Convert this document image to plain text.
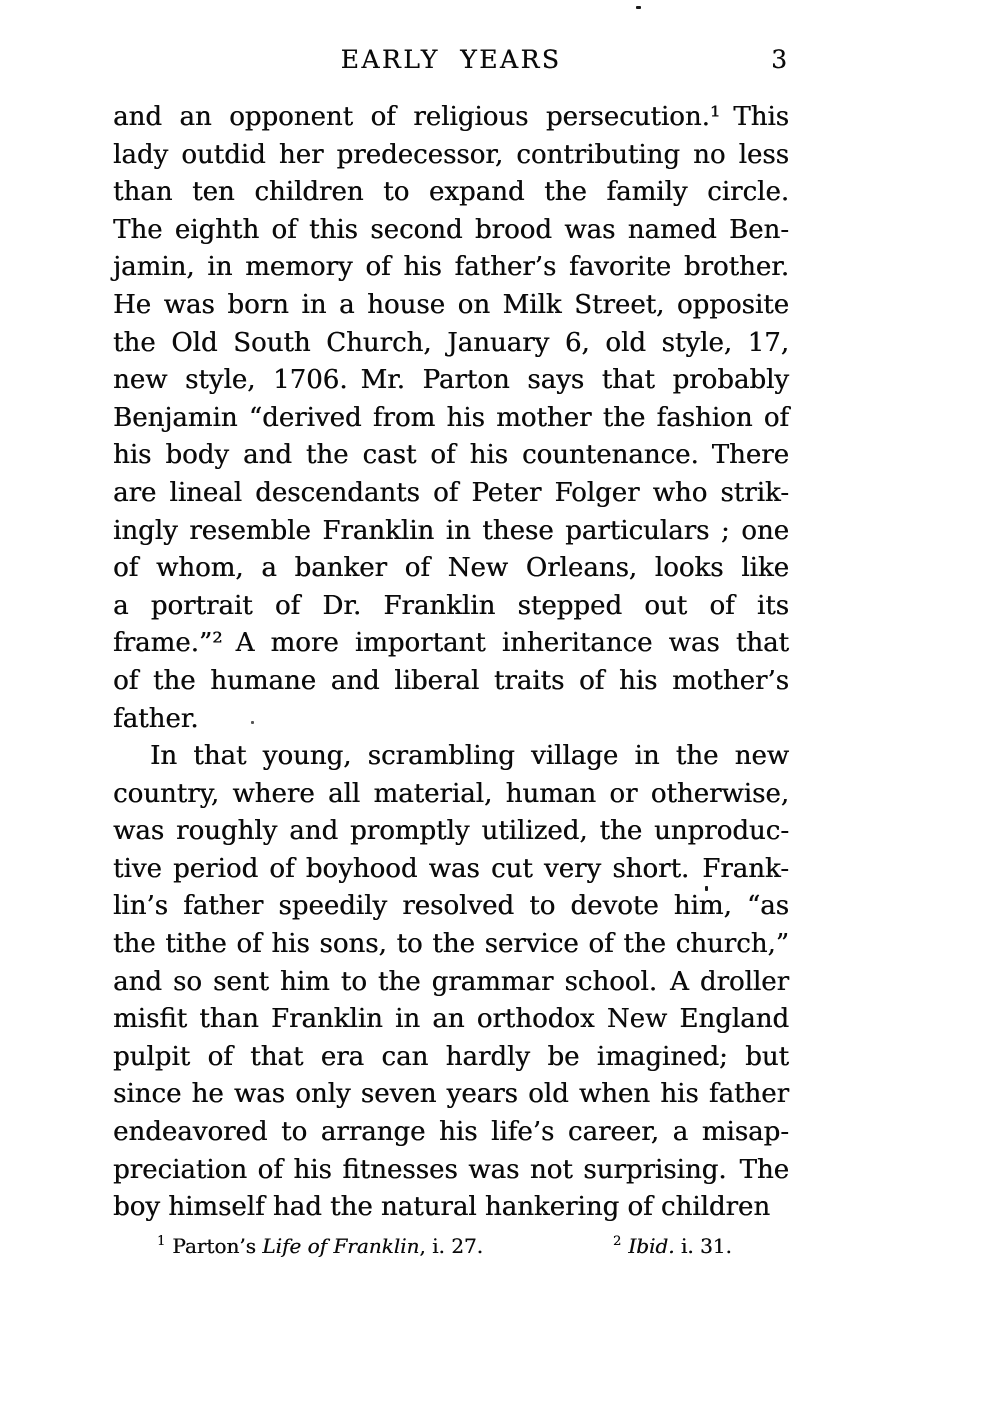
EARLY YEARS	3
and an opponent of religious persecution.¹ This
lady outdid her predecessor, contributing no less
than ten children to expand the family circle.
The eighth of this second brood was named Ben-
jamin, in memory of his father’s favorite brother.
He was born in a house on Milk Street, opposite
the Old South Church, January 6, old style, 17,
new style, 1706. Mr. Parton says that probably
Benjamin “derived from his mother the fashion of
his body and the cast of his countenance. There
are lineal descendants of Peter Folger who strik-
ingly resemble Franklin in these particulars ; one
of whom, a banker of New Orleans, looks like
a portrait of Dr. Franklin stepped out of its
frame.”² A more important inheritance was that
of the humane and liberal traits of his mother’s
father.
In that young, scrambling village in the new
country, where all material, human or otherwise,
was roughly and promptly utilized, the unproduc-
tive period of boyhood was cut very short. Frank-
lin’s father speedily resolved to devote him, “as
the tithe of his sons, to the service of the church,”
and so sent him to the grammar school. A droller
misfit than Franklin in an orthodox New England
pulpit of that era can hardly be imagined; but
since he was only seven years old when his father
endeavored to arrange his life’s career, a misap-
preciation of his fitnesses was not surprising. The
boy himself had the natural hankering of children
$^1$ Parton’s Life of Franklin, i. 27.	$^2$ Ibid. i. 31.
